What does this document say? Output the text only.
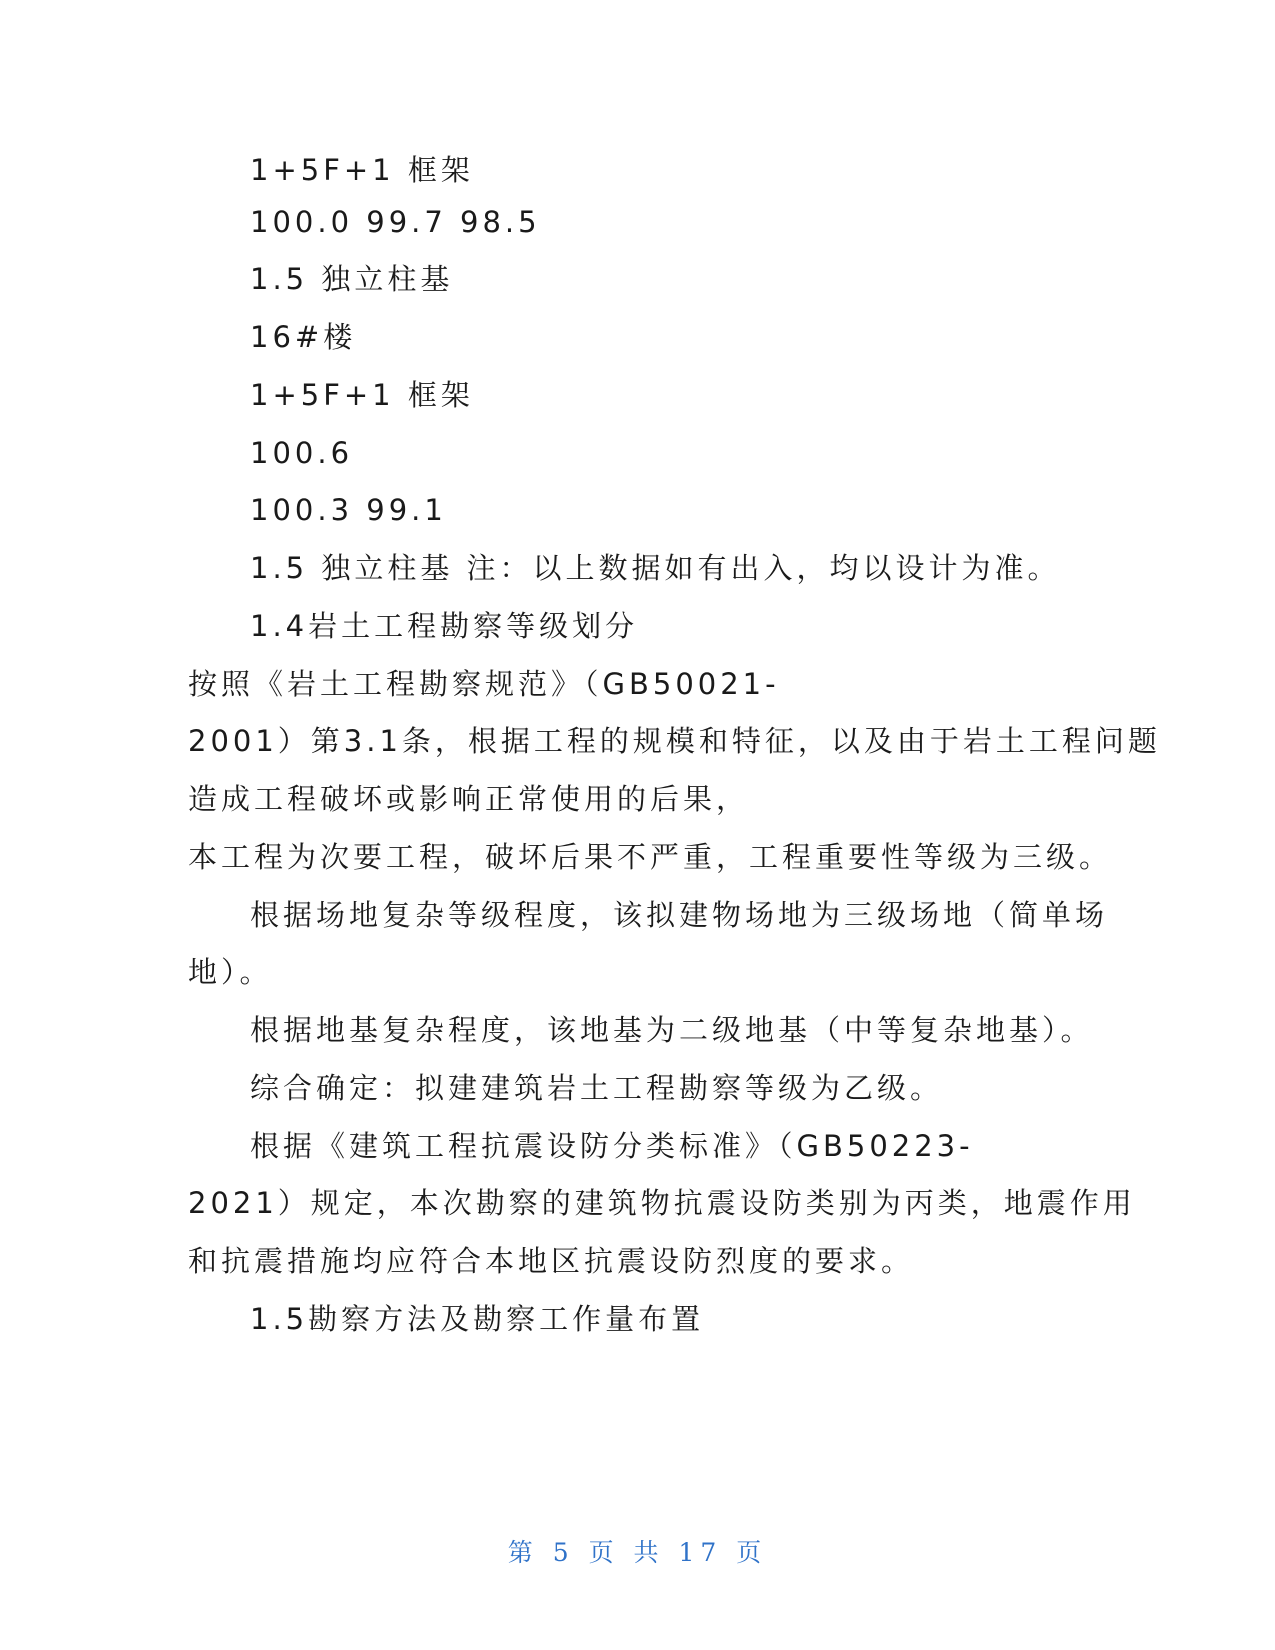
1+5F+1 框架
100.0 99.7 98.5
1.5 独立柱基
16#楼
1+5F+1 框架
100.6
100.3 99.1
1.5 独立柱基 注：以上数据如有出入，均以设计为准。
1.4岩土工程勘察等级划分
按照《岩土工程勘察规范》（GB50021-
2001）第3.1条，根据工程的规模和特征，以及由于岩土工程问题
造成工程破坏或影响正常使用的后果，
本工程为次要工程，破坏后果不严重，工程重要性等级为三级。
根据场地复杂等级程度，该拟建物场地为三级场地（简单场
地）。
根据地基复杂程度，该地基为二级地基（中等复杂地基）。
综合确定：拟建建筑岩土工程勘察等级为乙级。
根据《建筑工程抗震设防分类标准》（GB50223-
2021）规定，本次勘察的建筑物抗震设防类别为丙类，地震作用
和抗震措施均应符合本地区抗震设防烈度的要求。
1.5勘察方法及勘察工作量布置
第 5 页 共 17 页
